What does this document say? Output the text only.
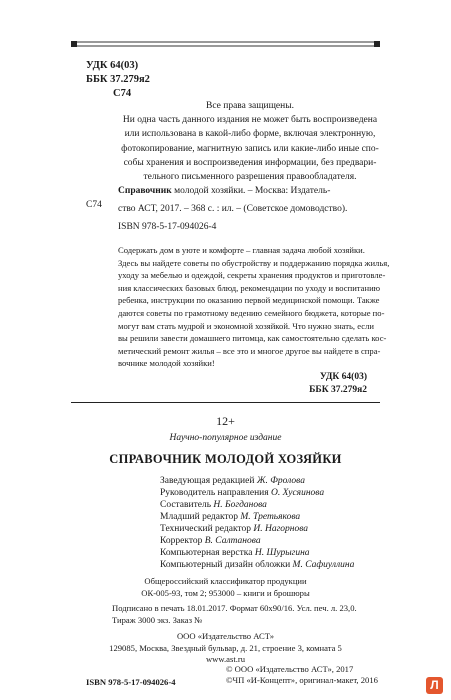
УДК 64(03)
ББК 37.279я2
С74
Все права защищены.
Ни одна часть данного издания не может быть воспроизведена
или использована в какой-либо форме, включая электронную,
фотокопирование, магнитную запись или какие-либо иные спо-
собы хранения и воспроизведения информации, без предвари-
тельного письменного разрешения правообладателя.
С74
Справочник молодой хозяйки. – Москва: Издатель-
ство АСТ, 2017. – 368 с. : ил. – (Советское домоводство).
ISBN 978-5-17-094026-4
Содержать дом в уюте и комфорте – главная задача любой хозяйки.
Здесь вы найдете советы по обустройству и поддержанию порядка жилья,
уходу за мебелью и одеждой, секреты хранения продуктов и приготовле-
ния классических базовых блюд, рекомендации по уходу и воспитанию
ребенка, инструкции по оказанию первой медицинской помощи. Также
даются советы по грамотному ведению семейного бюджета, которые по-
могут вам стать мудрой и экономной хозяйкой. Что нужно знать, если
вы решили завести домашнего питомца, как самостоятельно сделать кос-
метический ремонт жилья – все это и многое другое вы найдете в спра-
вочнике молодой хозяйки!
УДК 64(03)
ББК 37.279я2
12+
Научно-популярное издание
СПРАВОЧНИК МОЛОДОЙ ХОЗЯЙКИ
Заведующая редакцией Ж. Фролова
Руководитель направления О. Хусяинова
Составитель Н. Богданова
Младший редактор М. Третьякова
Технический редактор И. Нагорнова
Корректор В. Салтанова
Компьютерная верстка Н. Шурыгина
Компьютерный дизайн обложки М. Сафиуллина
Общероссийский классификатор продукции
ОК-005-93, том 2; 953000 – книги и брошюры
Подписано в печать 18.01.2017. Формат 60x90/16. Усл. печ. л. 23,0.
Тираж 3000 экз. Заказ №
ООО «Издательство АСТ»
129085, Москва, Звездный бульвар, д. 21, строение 3, комната 5
www.ast.ru
ISBN 978-5-17-094026-4
© ООО «Издательство АСТ», 2017
©ЧП «И-Концепт», оригинал-макет, 2016	Л
